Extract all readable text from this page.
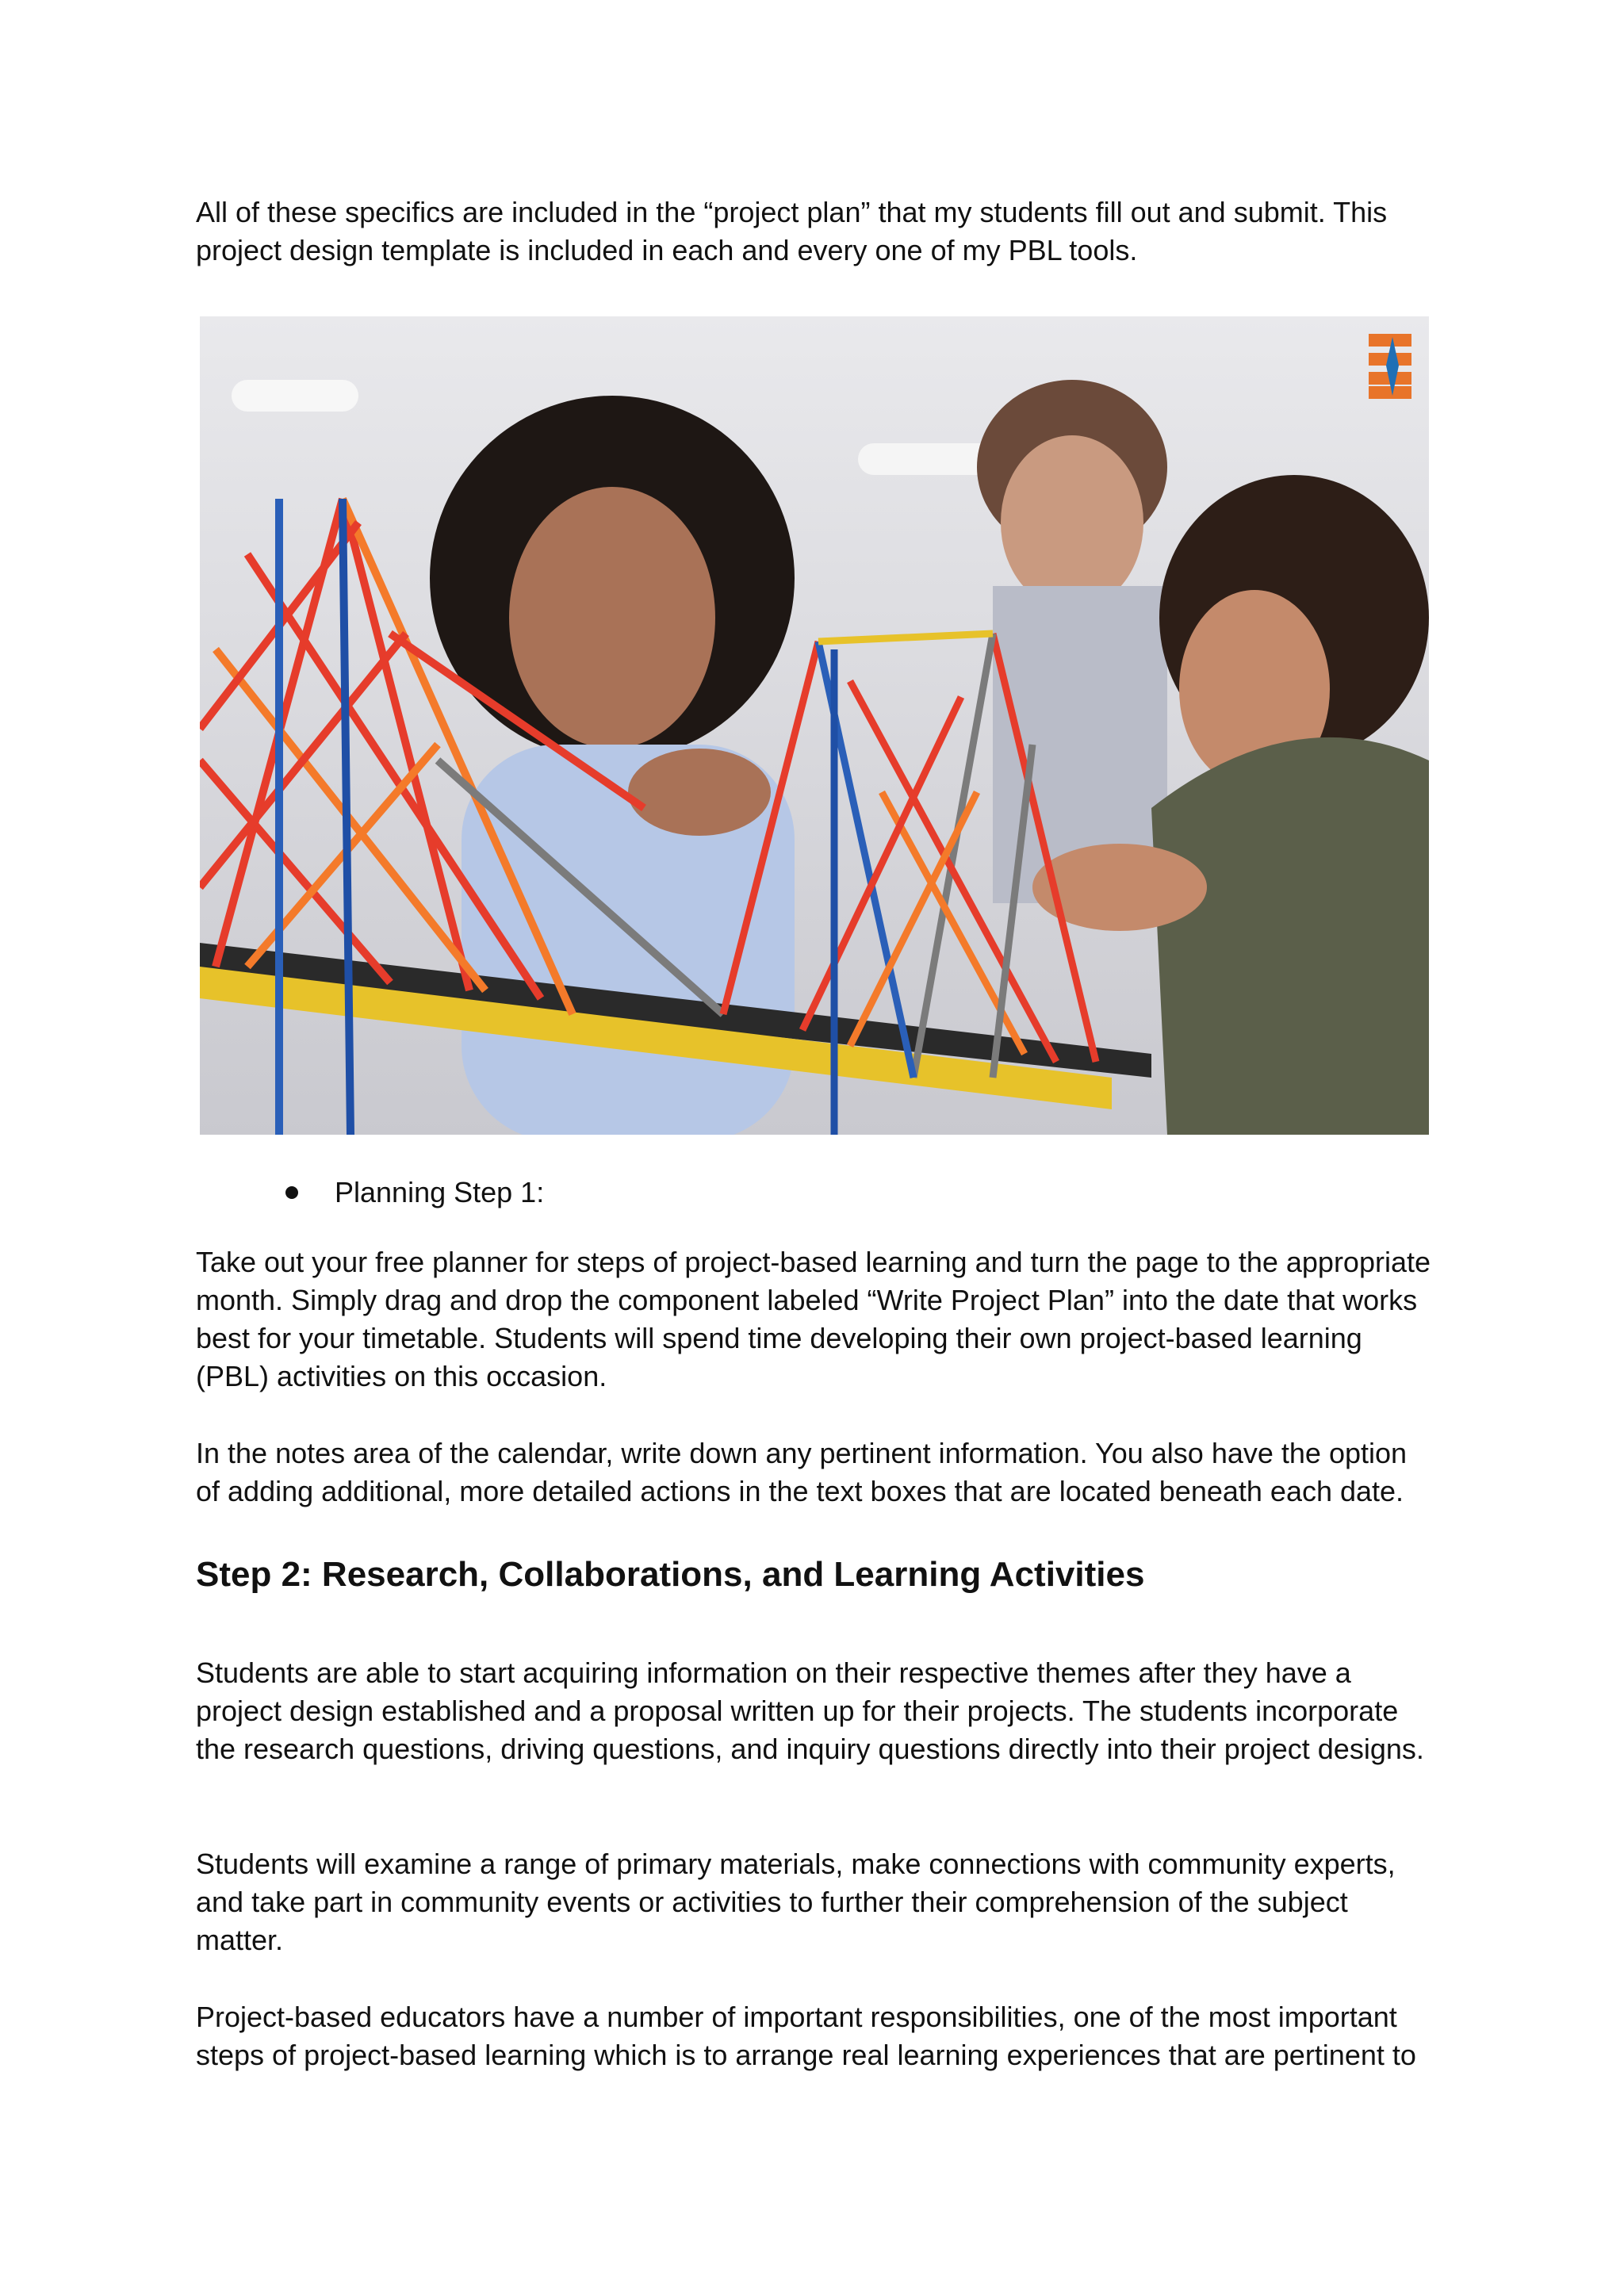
All of these specifics are included in the “project plan” that my students fill out and submit. This project design template is included in each and every one of my PBL tools.

Planning Step 1:

Take out your free planner for steps of project-based learning and turn the page to the appropriate month. Simply drag and drop the component labeled “Write Project Plan” into the date that works best for your timetable. Students will spend time developing their own project-based learning (PBL) activities on this occasion.

In the notes area of the calendar, write down any pertinent information. You also have the option of adding additional, more detailed actions in the text boxes that are located beneath each date.

Step 2: Research, Collaborations, and Learning Activities

Students are able to start acquiring information on their respective themes after they have a project design established and a proposal written up for their projects. The students incorporate the research questions, driving questions, and inquiry questions directly into their project designs.

Students will examine a range of primary materials, make connections with community experts, and take part in community events or activities to further their comprehension of the subject matter.

Project-based educators have a number of important responsibilities, one of the most important steps of project-based learning which is to arrange real learning experiences that are pertinent to
